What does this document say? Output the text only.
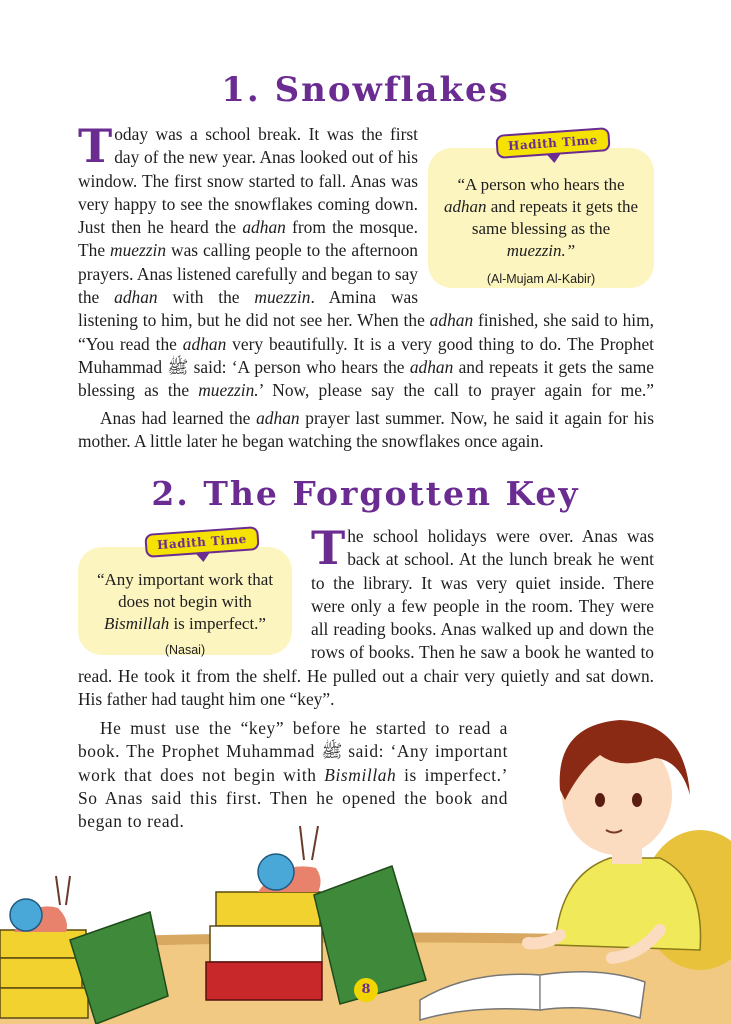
1. Snowflakes

“A person who hears the adhan and repeats it gets the same blessing as the muezzin.”

(Al-Mujam Al-Kabir)
Hadith Time
T oday was a school break. It was the first day of the new year. Anas looked out of his window. The first snow started to fall. Anas was very happy to see the snowflakes coming down. Just then he heard the adhan from the mosque. The muezzin was calling people to the afternoon prayers. Anas listened carefully and began to say the adhan with the muezzin. Amina was listening to him, but he did not see her. When the adhan finished, she said to him, “You read the adhan very beautifully. It is a very good thing to do. The Prophet Muhammad ﷺ said: ‘A person who hears the adhan and repeats it gets the same blessing as the muezzin.’ Now, please say the call to prayer again for me.”

Anas had learned the adhan prayer last summer. Now, he said it again for his mother. A little later he began watching the snowflakes once again.

2. The Forgotten Key

“Any important work that does not begin with Bismillah is imperfect.”

(Nasai)
Hadith Time T he school holidays were over. Anas was back at school. At the lunch break he went to the library. It was very quiet inside. There were only a few people in the room. They were all reading books. Anas walked up and down the rows of books. Then he saw a book he wanted to read. He took it from the shelf. He pulled out a chair very quietly and sat down. His father had taught him one “key”.

He must use the “key” before he started to read a book. The Prophet Muhammad ﷺ said: ‘Any important work that does not begin with Bismillah is imperfect.’ So Anas said this first. Then he opened the book and began to read.

8
